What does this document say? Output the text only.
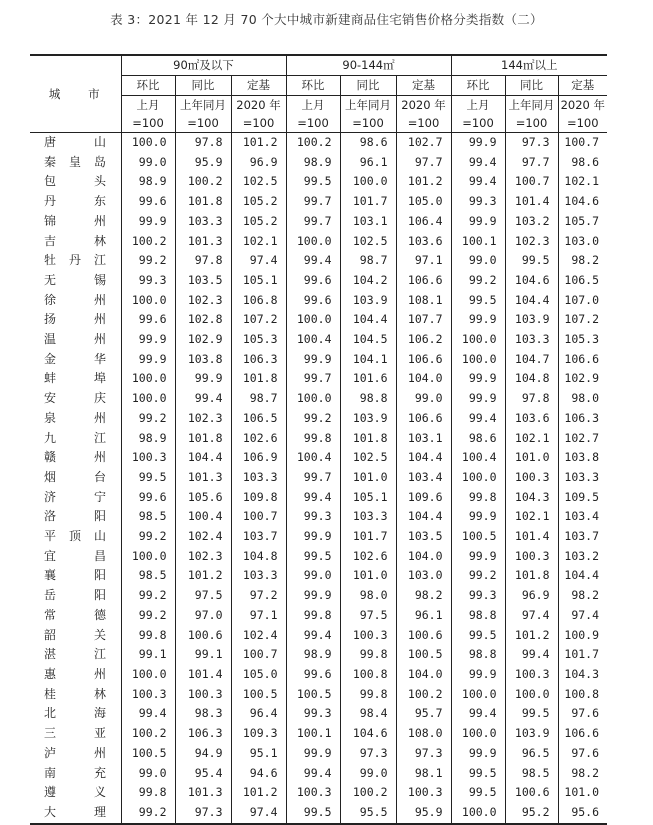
表 3：2021 年 12 月 70 个大中城市新建商品住宅销售价格分类指数（二）
城 市	90㎡及以下			90-144㎡			144㎡以上		
	环比	同比	定基	环比	同比	定基	环比	同比	定基
	上月	上年同月	2020 年	上月	上年同月	2020 年	上月	上年同月	2020 年
	=100	=100	=100	=100	=100	=100	=100	=100	=100

唐 山	100.0	97.8	101.2	100.2	98.6	102.7	99.9	97.3	100.7

秦 皇 岛	99.0	95.9	96.9	98.9	96.1	97.7	99.4	97.7	98.6

包 头	98.9	100.2	102.5	99.5	100.0	101.2	99.4	100.7	102.1

丹 东	99.6	101.8	105.2	99.7	101.7	105.0	99.3	101.4	104.6

锦 州	99.9	103.3	105.2	99.7	103.1	106.4	99.9	103.2	105.7

吉 林	100.2	101.3	102.1	100.0	102.5	103.6	100.1	102.3	103.0

牡 丹 江	99.2	97.8	97.4	99.4	98.7	97.1	99.0	99.5	98.2

无 锡	99.3	103.5	105.1	99.6	104.2	106.6	99.2	104.6	106.5

徐 州	100.0	102.3	106.8	99.6	103.9	108.1	99.5	104.4	107.0

扬 州	99.6	102.8	107.2	100.0	104.4	107.7	99.9	103.9	107.2

温 州	99.9	102.9	105.3	100.4	104.5	106.2	100.0	103.3	105.3

金 华	99.9	103.8	106.3	99.9	104.1	106.6	100.0	104.7	106.6

蚌 埠	100.0	99.9	101.8	99.7	101.6	104.0	99.9	104.8	102.9

安 庆	100.0	99.4	98.7	100.0	98.8	99.0	99.9	97.8	98.0

泉 州	99.2	102.3	106.5	99.2	103.9	106.6	99.4	103.6	106.3

九 江	98.9	101.8	102.6	99.8	101.8	103.1	98.6	102.1	102.7

赣 州	100.3	104.4	106.9	100.4	102.5	104.4	100.4	101.0	103.8

烟 台	99.5	101.3	103.3	99.7	101.0	103.4	100.0	100.3	103.3

济 宁	99.6	105.6	109.8	99.4	105.1	109.6	99.8	104.3	109.5

洛 阳	98.5	100.4	100.7	99.3	103.3	104.4	99.9	102.1	103.4

平 顶 山	99.2	102.4	103.7	99.9	101.7	103.5	100.5	101.4	103.7

宜 昌	100.0	102.3	104.8	99.5	102.6	104.0	99.9	100.3	103.2

襄 阳	98.5	101.2	103.3	99.0	101.0	103.0	99.2	101.8	104.4

岳 阳	99.2	97.5	97.2	99.9	98.0	98.2	99.3	96.9	98.2

常 德	99.2	97.0	97.1	99.8	97.5	96.1	98.8	97.4	97.4

韶 关	99.8	100.6	102.4	99.4	100.3	100.6	99.5	101.2	100.9

湛 江	99.1	99.1	100.7	98.9	99.8	100.5	98.8	99.4	101.7

惠 州	100.0	101.4	105.0	99.6	100.8	104.0	99.9	100.3	104.3

桂 林	100.3	100.3	100.5	100.5	99.8	100.2	100.0	100.0	100.8

北 海	99.4	98.3	96.4	99.3	98.4	95.7	99.4	99.5	97.6

三 亚	100.2	106.3	109.3	100.1	104.6	108.0	100.0	103.9	106.6

泸 州	100.5	94.9	95.1	99.9	97.3	97.3	99.9	96.5	97.6

南 充	99.0	95.4	94.6	99.4	99.0	98.1	99.5	98.5	98.2

遵 义	99.8	101.3	101.2	100.3	100.2	100.3	99.5	100.6	101.0

大 理	99.2	97.3	97.4	99.5	95.5	95.9	100.0	95.2	95.6
